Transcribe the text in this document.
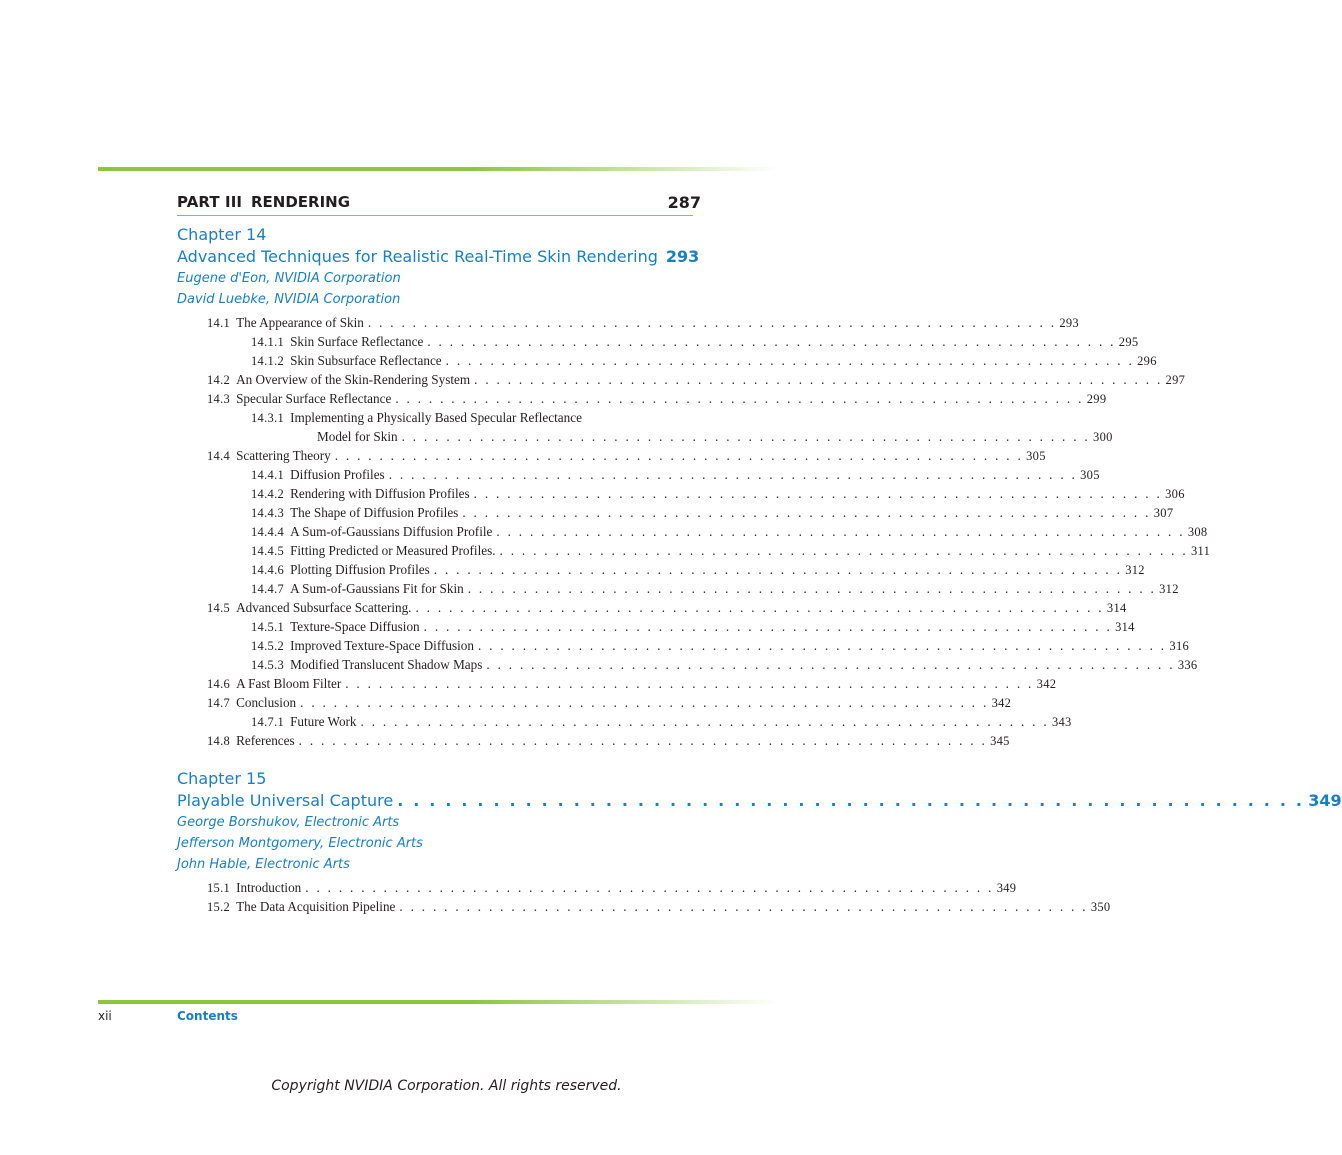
PART III RENDERING	287
Chapter 14
Advanced Techniques for Realistic Real-Time Skin Rendering 293
Eugene d'Eon, NVIDIA Corporation
David Luebke, NVIDIA Corporation
14.1 The Appearance of Skin . . . . . . . . . . . . . . . . . . . . . . . . . . . . . . . . . . . . . . . . . . . . . . . . . . . . . . . . . . . . . . 293
14.1.1 Skin Surface Reflectance . . . . . . . . . . . . . . . . . . . . . . . . . . . . . . . . . . . . . . . . . . . . . . . . . . . . . . . . . . . . . . 295
14.1.2 Skin Subsurface Reflectance . . . . . . . . . . . . . . . . . . . . . . . . . . . . . . . . . . . . . . . . . . . . . . . . . . . . . . . . . . . . . . 296
14.2 An Overview of the Skin-Rendering System . . . . . . . . . . . . . . . . . . . . . . . . . . . . . . . . . . . . . . . . . . . . . . . . . . . . . . . . . . . . . . 297
14.3 Specular Surface Reflectance . . . . . . . . . . . . . . . . . . . . . . . . . . . . . . . . . . . . . . . . . . . . . . . . . . . . . . . . . . . . . . 299
14.3.1 Implementing a Physically Based Specular Reflectance
Model for Skin . . . . . . . . . . . . . . . . . . . . . . . . . . . . . . . . . . . . . . . . . . . . . . . . . . . . . . . . . . . . . . 300
14.4 Scattering Theory . . . . . . . . . . . . . . . . . . . . . . . . . . . . . . . . . . . . . . . . . . . . . . . . . . . . . . . . . . . . . . 305
14.4.1 Diffusion Profiles . . . . . . . . . . . . . . . . . . . . . . . . . . . . . . . . . . . . . . . . . . . . . . . . . . . . . . . . . . . . . . 305
14.4.2 Rendering with Diffusion Profiles . . . . . . . . . . . . . . . . . . . . . . . . . . . . . . . . . . . . . . . . . . . . . . . . . . . . . . . . . . . . . . 306
14.4.3 The Shape of Diffusion Profiles . . . . . . . . . . . . . . . . . . . . . . . . . . . . . . . . . . . . . . . . . . . . . . . . . . . . . . . . . . . . . . 307
14.4.4 A Sum-of-Gaussians Diffusion Profile . . . . . . . . . . . . . . . . . . . . . . . . . . . . . . . . . . . . . . . . . . . . . . . . . . . . . . . . . . . . . . 308
14.4.5 Fitting Predicted or Measured Profiles. . . . . . . . . . . . . . . . . . . . . . . . . . . . . . . . . . . . . . . . . . . . . . . . . . . . . . . . . . . . . . . 311
14.4.6 Plotting Diffusion Profiles . . . . . . . . . . . . . . . . . . . . . . . . . . . . . . . . . . . . . . . . . . . . . . . . . . . . . . . . . . . . . . 312
14.4.7 A Sum-of-Gaussians Fit for Skin . . . . . . . . . . . . . . . . . . . . . . . . . . . . . . . . . . . . . . . . . . . . . . . . . . . . . . . . . . . . . . 312
14.5 Advanced Subsurface Scattering. . . . . . . . . . . . . . . . . . . . . . . . . . . . . . . . . . . . . . . . . . . . . . . . . . . . . . . . . . . . . . . 314
14.5.1 Texture-Space Diffusion . . . . . . . . . . . . . . . . . . . . . . . . . . . . . . . . . . . . . . . . . . . . . . . . . . . . . . . . . . . . . . 314
14.5.2 Improved Texture-Space Diffusion . . . . . . . . . . . . . . . . . . . . . . . . . . . . . . . . . . . . . . . . . . . . . . . . . . . . . . . . . . . . . . 316
14.5.3 Modified Translucent Shadow Maps . . . . . . . . . . . . . . . . . . . . . . . . . . . . . . . . . . . . . . . . . . . . . . . . . . . . . . . . . . . . . . 336
14.6 A Fast Bloom Filter . . . . . . . . . . . . . . . . . . . . . . . . . . . . . . . . . . . . . . . . . . . . . . . . . . . . . . . . . . . . . . 342
14.7 Conclusion . . . . . . . . . . . . . . . . . . . . . . . . . . . . . . . . . . . . . . . . . . . . . . . . . . . . . . . . . . . . . . 342
14.7.1 Future Work . . . . . . . . . . . . . . . . . . . . . . . . . . . . . . . . . . . . . . . . . . . . . . . . . . . . . . . . . . . . . . 343
14.8 References . . . . . . . . . . . . . . . . . . . . . . . . . . . . . . . . . . . . . . . . . . . . . . . . . . . . . . . . . . . . . . 345
Chapter 15
Playable Universal Capture . . . . . . . . . . . . . . . . . . . . . . . . . . . . . . . . . . . . . . . . . . . . . . . . . . . . . . . . . 349
George Borshukov, Electronic Arts
Jefferson Montgomery, Electronic Arts
John Hable, Electronic Arts
15.1 Introduction . . . . . . . . . . . . . . . . . . . . . . . . . . . . . . . . . . . . . . . . . . . . . . . . . . . . . . . . . . . . . . 349
15.2 The Data Acquisition Pipeline . . . . . . . . . . . . . . . . . . . . . . . . . . . . . . . . . . . . . . . . . . . . . . . . . . . . . . . . . . . . . . 350
xii	Contents
Copyright NVIDIA Corporation. All rights reserved.
